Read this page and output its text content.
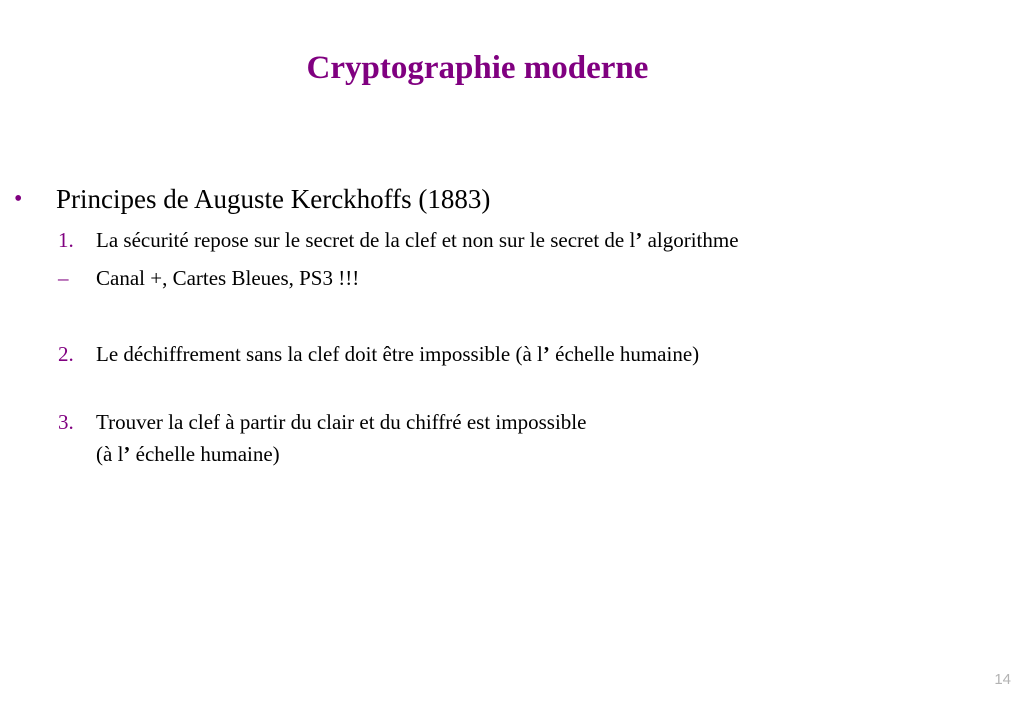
Cryptographie moderne
• Principes de Auguste Kerckhoffs (1883)
1. La sécurité repose sur le secret de la clef et non sur le secret de l’ algorithme
– Canal +, Cartes Bleues, PS3 !!!
2. Le déchiffrement sans la clef doit être impossible (à l’ échelle humaine)
3. Trouver la clef à partir du clair et du chiffré est impossible
(à l’ échelle humaine)
14
